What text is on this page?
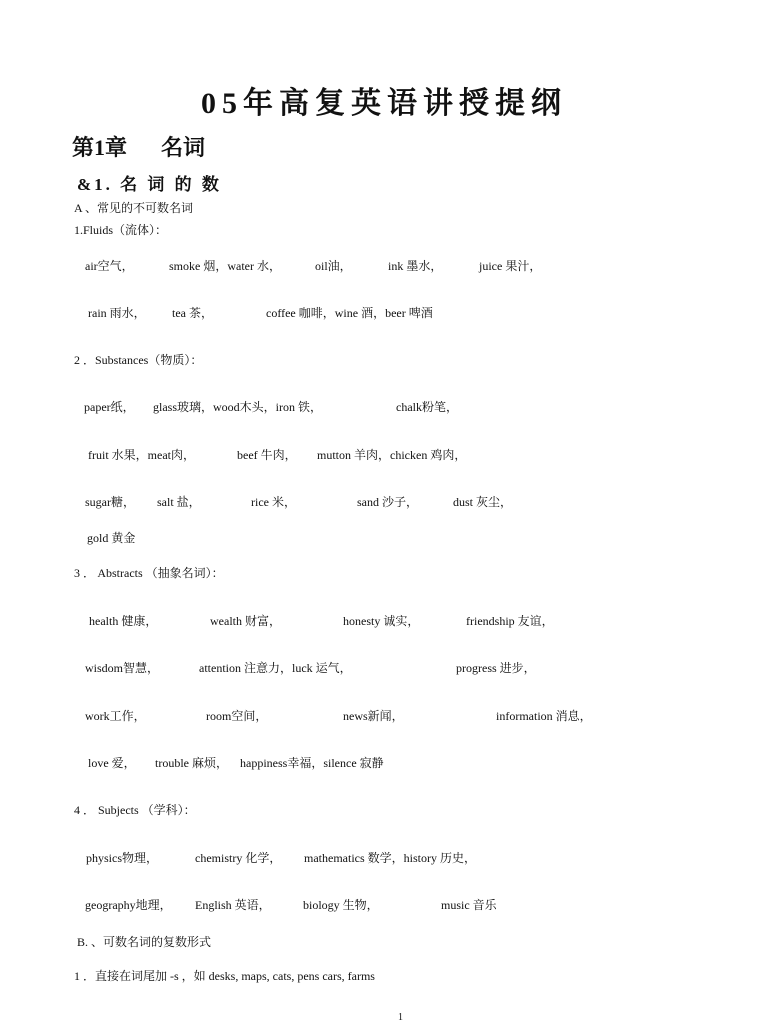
05年高复英语讲授提纲
第1章 名词
&1. 名 词 的 数
A 、常见的不可数名词
1.Fluids（流体）：
air空气，	smoke 烟，water 水，	oil油，	ink 墨水，	juice 果汁，
rain 雨水， tea 茶，	coffee 咖啡，wine 酒，beer 啤酒
2 ．Substances（物质）：
paper纸， glass玻璃，wood木头，iron 铁，	chalk粉笔，
fruit 水果，meat肉，	beef 牛肉， mutton 羊肉，chicken 鸡肉，
sugar糖， salt 盐，	rice 米，	sand 沙子，	dust 灰尘，
gold 黄金
3 ． Abstracts （抽象名词）：
health 健康，	wealth 财富，	honesty 诚实，	friendship 友谊，
wisdom智慧，	attention 注意力，luck 运气，	progress 进步，
work工作，	room空间，	news新闻，	information 消息，
love 爱， trouble 麻烦， happiness幸福，silence 寂静
4 ． Subjects （学科）：
physics物理，	chemistry 化学， mathematics 数学，history 历史，
geography地理， English 英语，	biology 生物，	music 音乐
B. 、可数名词的复数形式
1 ．直接在词尾加 -s ，如 desks, maps, cats, pens cars, farms
1
